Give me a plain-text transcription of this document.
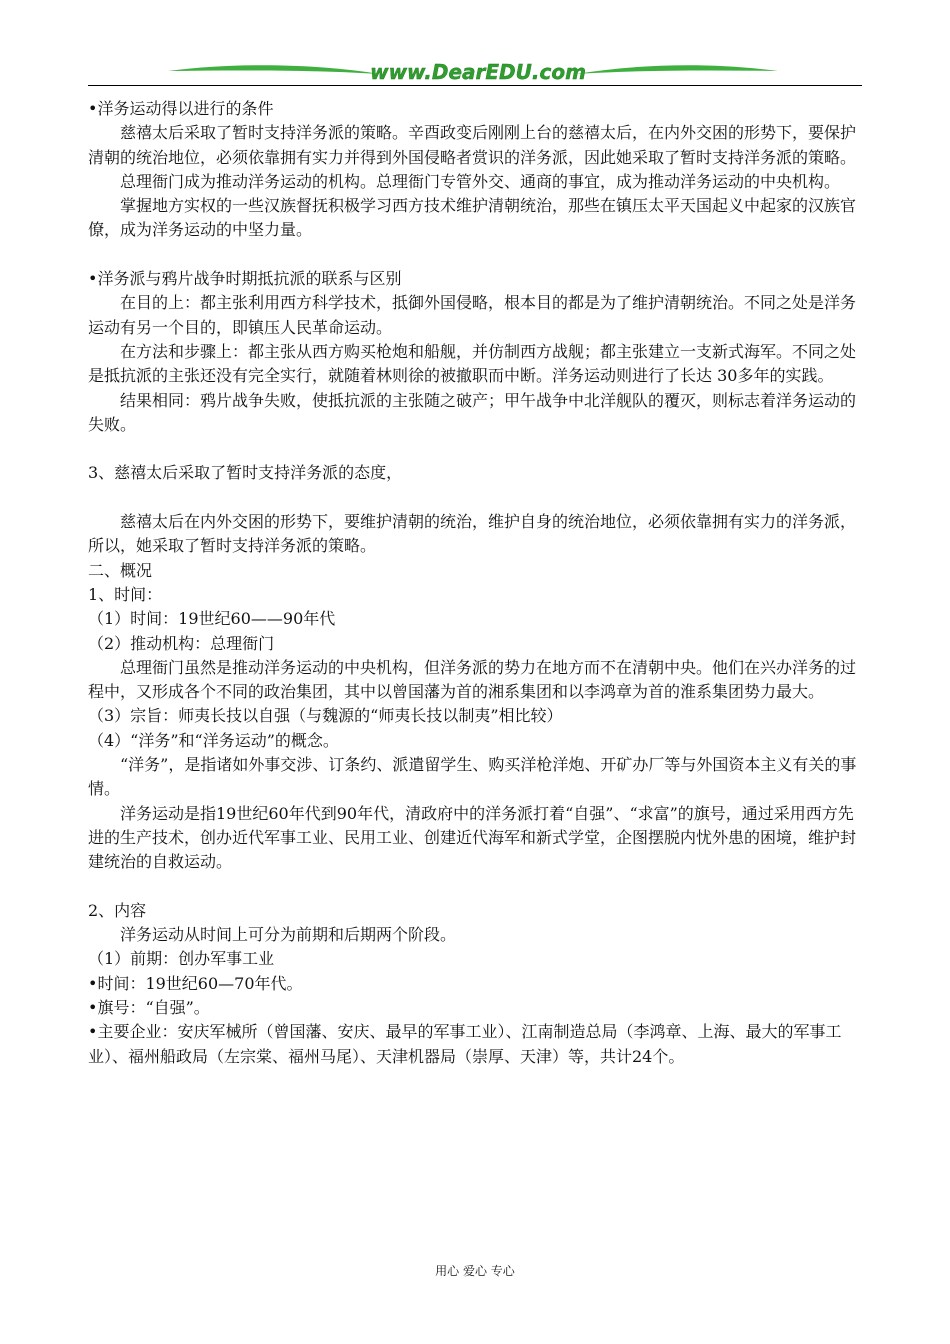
www.DearEDU.com

•洋务运动得以进行的条件

慈禧太后采取了暂时支持洋务派的策略。辛酉政变后刚刚上台的慈禧太后，在内外交困的形势下，要保护清朝的统治地位，必须依靠拥有实力并得到外国侵略者赏识的洋务派，因此她采取了暂时支持洋务派的策略。

总理衙门成为推动洋务运动的机构。总理衙门专管外交、通商的事宜，成为推动洋务运动的中央机构。

掌握地方实权的一些汉族督抚积极学习西方技术维护清朝统治，那些在镇压太平天国起义中起家的汉族官僚，成为洋务运动的中坚力量。

•洋务派与鸦片战争时期抵抗派的联系与区别

在目的上：都主张利用西方科学技术，抵御外国侵略，根本目的都是为了维护清朝统治。不同之处是洋务运动有另一个目的，即镇压人民革命运动。

在方法和步骤上：都主张从西方购买枪炮和船舰，并仿制西方战舰；都主张建立一支新式海军。不同之处是抵抗派的主张还没有完全实行，就随着林则徐的被撤职而中断。洋务运动则进行了长达 30多年的实践。

结果相同：鸦片战争失败，使抵抗派的主张随之破产；甲午战争中北洋舰队的覆灭，则标志着洋务运动的失败。

3、慈禧太后采取了暂时支持洋务派的态度，

慈禧太后在内外交困的形势下，要维护清朝的统治，维护自身的统治地位，必须依靠拥有实力的洋务派，所以，她采取了暂时支持洋务派的策略。

二、概况

1、时间：

（1）时间：19世纪60——90年代

（2）推动机构：总理衙门

总理衙门虽然是推动洋务运动的中央机构，但洋务派的势力在地方而不在清朝中央。他们在兴办洋务的过程中，又形成各个不同的政治集团，其中以曾国藩为首的湘系集团和以李鸿章为首的淮系集团势力最大。

（3）宗旨：师夷长技以自强（与魏源的“师夷长技以制夷”相比较）

（4）“洋务”和“洋务运动”的概念。

“洋务”，是指诸如外事交涉、订条约、派遣留学生、购买洋枪洋炮、开矿办厂等与外国资本主义有关的事情。

洋务运动是指19世纪60年代到90年代，清政府中的洋务派打着“自强”、“求富”的旗号，通过采用西方先进的生产技术，创办近代军事工业、民用工业、创建近代海军和新式学堂，企图摆脱内忧外患的困境，维护封建统治的自救运动。

2、内容

洋务运动从时间上可分为前期和后期两个阶段。

（1）前期：创办军事工业

•时间：19世纪60—70年代。

•旗号：“自强”。

•主要企业：安庆军械所（曾国藩、安庆、最早的军事工业）、江南制造总局（李鸿章、上海、最大的军事工业）、福州船政局（左宗棠、福州马尾）、天津机器局（崇厚、天津）等，共计24个。

用心 爱心 专心
